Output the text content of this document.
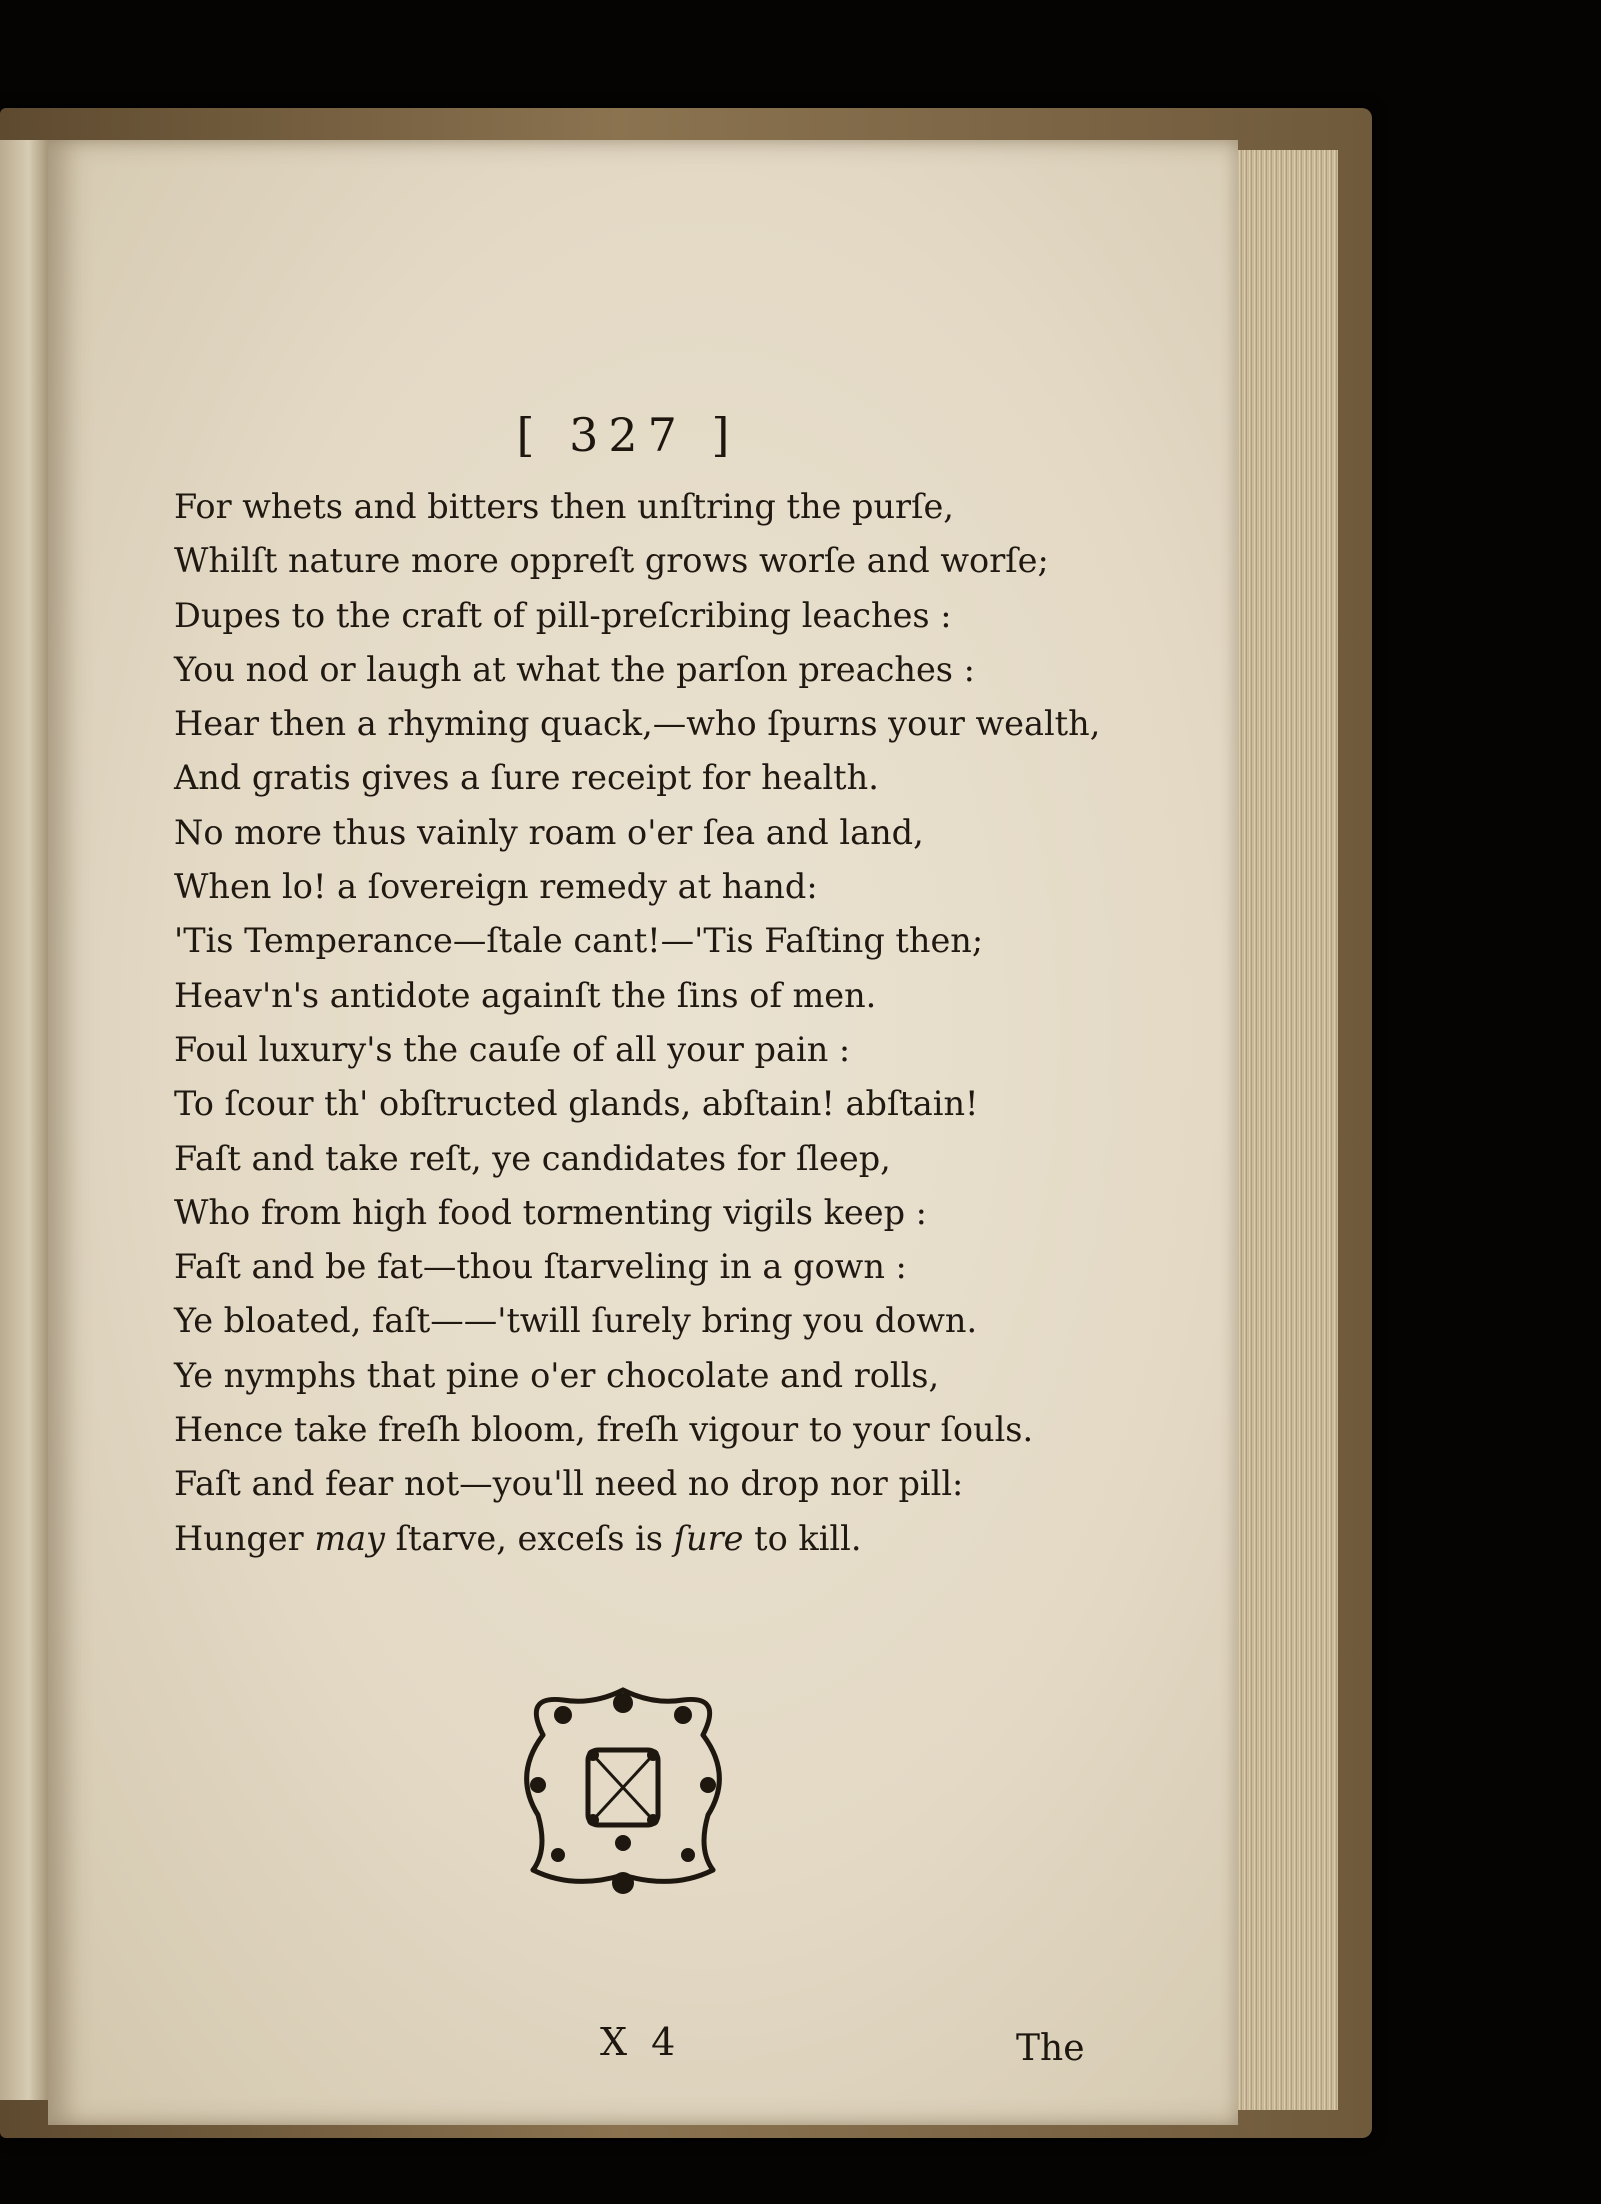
[ 327 ]
For whets and bitters then unſtring the purſe,
Whilſt nature more oppreſt grows worſe and worſe;
Dupes to the craft of pill-preſcribing leaches :
You nod or laugh at what the parſon preaches :
Hear then a rhyming quack,—who ſpurns your wealth,
And gratis gives a ſure receipt for health.
No more thus vainly roam o'er ſea and land,
When lo! a ſovereign remedy at hand:
'Tis Temperance—ſtale cant!—'Tis Faſting then;
Heav'n's antidote againſt the ſins of men.
Foul luxury's the cauſe of all your pain :
To ſcour th' obſtructed glands, abſtain! abſtain!
Faſt and take reſt, ye candidates for ſleep,
Who from high food tormenting vigils keep :
Faſt and be fat—thou ſtarveling in a gown :
Ye bloated, faſt——'twill ſurely bring you down.
Ye nymphs that pine o'er chocolate and rolls,
Hence take freſh bloom, freſh vigour to your ſouls.
Faſt and fear not—you'll need no drop nor pill:
Hunger may ſtarve, exceſs is ſure to kill.
X 4	The
